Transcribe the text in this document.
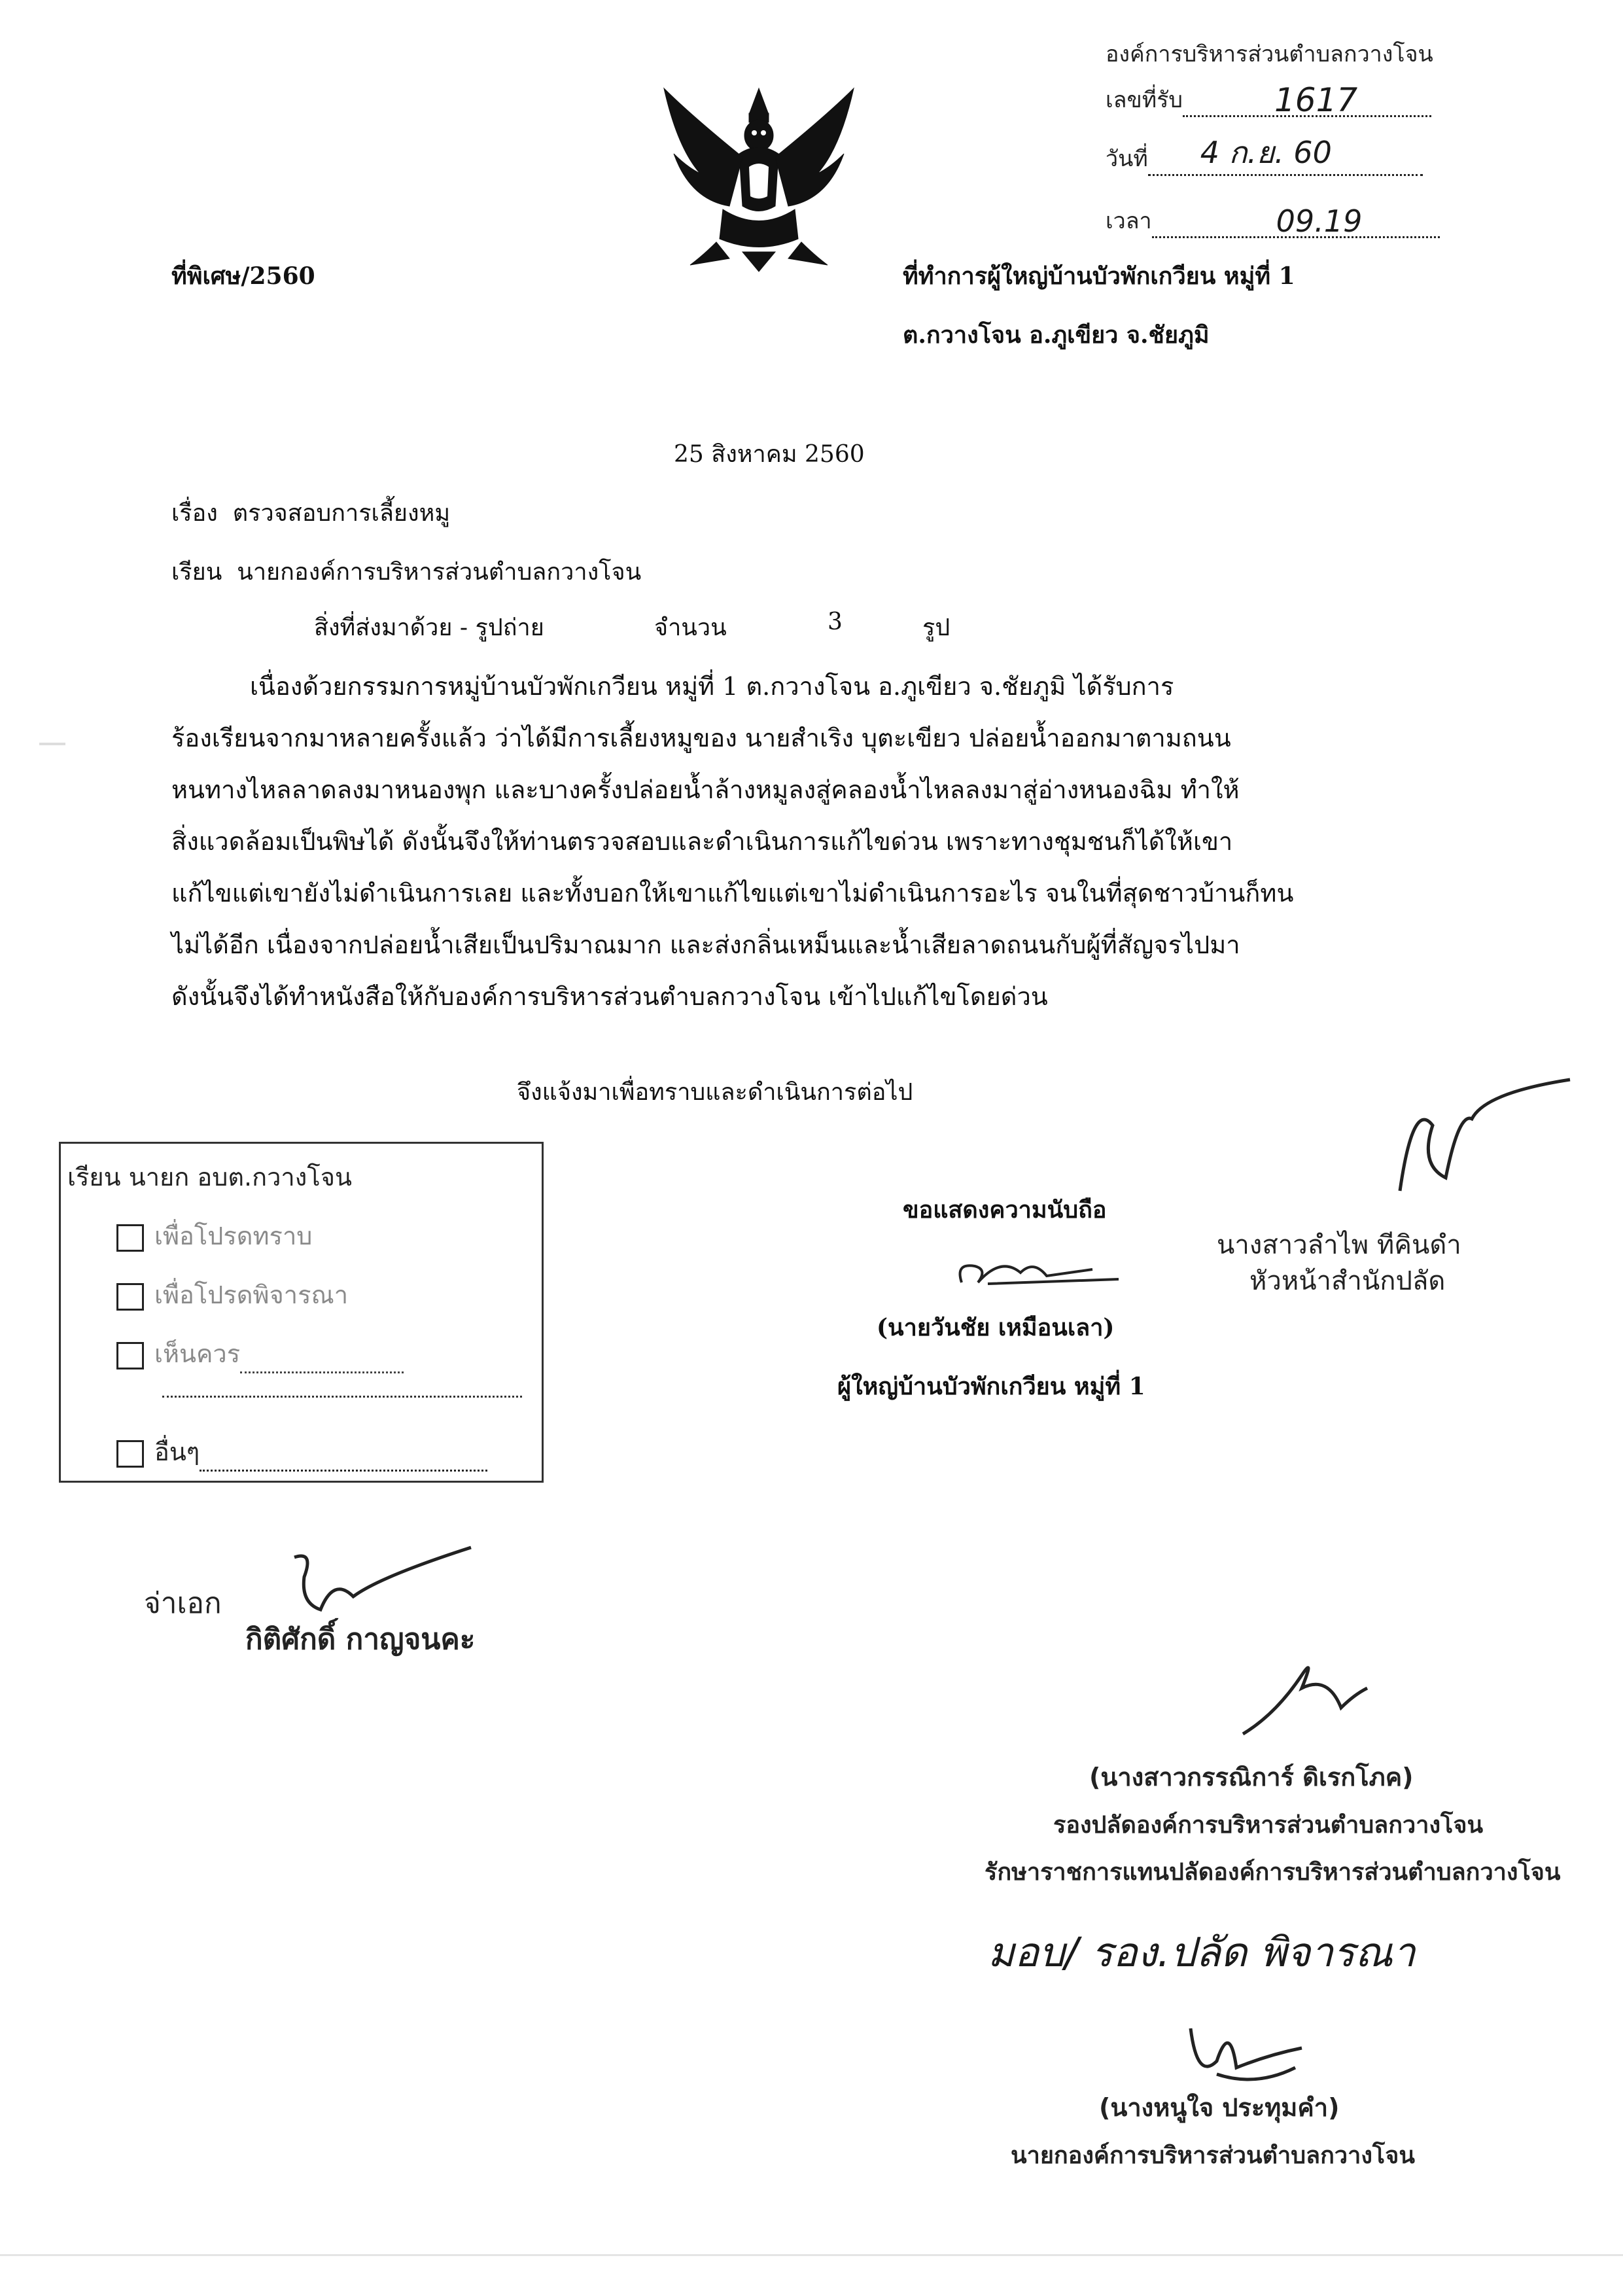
องค์การบริหารส่วนตำบลกวางโจน
เลขที่รับ	1617
วันที่ 4 ก.ย. 60
เวลา	09.19
ที่พิเศษ/2560	ที่ทำการผู้ใหญ่บ้านบัวพักเกวียน หมู่ที่ 1
ต.กวางโจน อ.ภูเขียว จ.ชัยภูมิ
25 สิงหาคม 2560
เรื่อง ตรวจสอบการเลี้ยงหมู
เรียน นายกองค์การบริหารส่วนตำบลกวางโจน
สิ่งที่ส่งมาด้วย - รูปถ่าย	จำนวน	3	รูป
เนื่องด้วยกรรมการหมู่บ้านบัวพักเกวียน หมู่ที่ 1 ต.กวางโจน อ.ภูเขียว จ.ชัยภูมิ ได้รับการ
ร้องเรียนจากมาหลายครั้งแล้ว ว่าได้มีการเลี้ยงหมูของ นายสำเริง บุตะเขียว ปล่อยน้ำออกมาตามถนน
หนทางไหลลาดลงมาหนองพุก และบางครั้งปล่อยน้ำล้างหมูลงสู่คลองน้ำไหลลงมาสู่อ่างหนองฉิม ทำให้
สิ่งแวดล้อมเป็นพิษได้ ดังนั้นจึงให้ท่านตรวจสอบและดำเนินการแก้ไขด่วน เพราะทางชุมชนก็ได้ให้เขา
แก้ไขแต่เขายังไม่ดำเนินการเลย และทั้งบอกให้เขาแก้ไขแต่เขาไม่ดำเนินการอะไร จนในที่สุดชาวบ้านก็ทน
ไม่ได้อีก เนื่องจากปล่อยน้ำเสียเป็นปริมาณมาก และส่งกลิ่นเหม็นและน้ำเสียลาดถนนกับผู้ที่สัญจรไปมา
ดังนั้นจึงได้ทำหนังสือให้กับองค์การบริหารส่วนตำบลกวางโจน เข้าไปแก้ไขโดยด่วน
จึงแจ้งมาเพื่อทราบและดำเนินการต่อไป
เรียน นายก อบต.กวางโจน
เพื่อโปรดทราบ
เพื่อโปรดพิจารณา
เห็นควร
อื่นๆ
ขอแสดงความนับถือ
(นายวันชัย เหมือนเลา)
ผู้ใหญ่บ้านบัวพักเกวียน หมู่ที่ 1
นางสาวลำไพ ทีคินดำ
หัวหน้าสำนักปลัด
จ่าเอก
กิติศักดิ์ กาญจนคะ
(นางสาวกรรณิการ์ ดิเรกโภค)
รองปลัดองค์การบริหารส่วนตำบลกวางโจน
รักษาราชการแทนปลัดองค์การบริหารส่วนตำบลกวางโจน
มอบ/ รอง.ปลัด พิจารณา
(นางหนูใจ ประทุมคำ)
นายกองค์การบริหารส่วนตำบลกวางโจน
